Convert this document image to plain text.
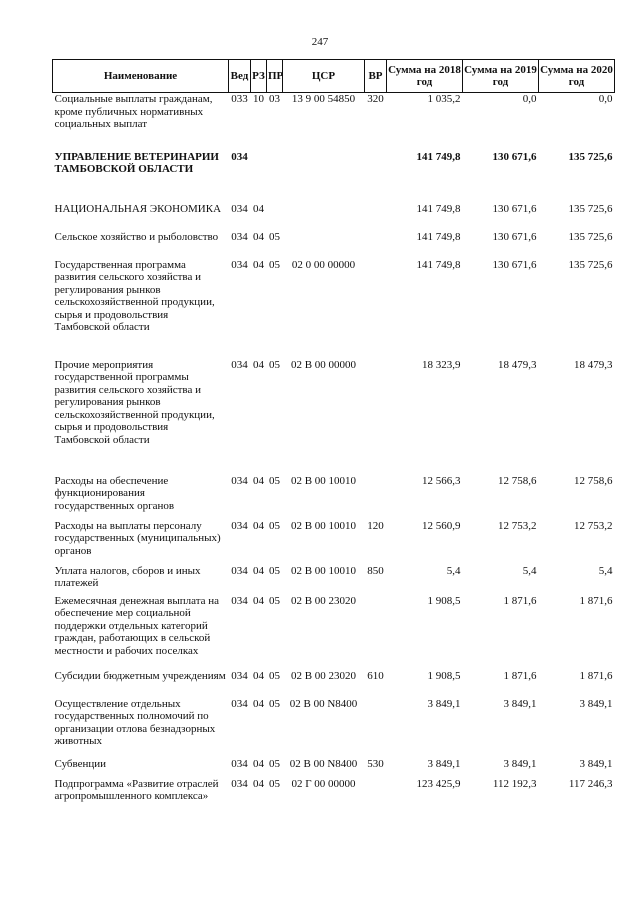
247
Наименование	Вед	РЗ	ПР	ЦСР	ВР	Сумма на 2018 год	Сумма на 2019 год	Сумма на 2020 год
Социальные выплаты гражданам, кроме публичных нормативных социальных выплат	033	10	03	13 9 00 54850	320	1 035,2	0,0	0,0
УПРАВЛЕНИЕ ВЕТЕРИНАРИИ ТАМБОВСКОЙ ОБЛАСТИ	034					141 749,8	130 671,6	135 725,6
НАЦИОНАЛЬНАЯ ЭКОНОМИКА	034	04				141 749,8	130 671,6	135 725,6
Сельское хозяйство и рыболовство	034	04	05			141 749,8	130 671,6	135 725,6
Государственная программа развития сельского хозяйства и регулирования рынков сельскохозяйственной продукции, сырья и продовольствия Тамбовской области	034	04	05	02 0 00 00000		141 749,8	130 671,6	135 725,6
Прочие мероприятия государственной программы развития сельского хозяйства и регулирования рынков сельскохозяйственной продукции, сырья и продовольствия Тамбовской области	034	04	05	02 В 00 00000		18 323,9	18 479,3	18 479,3
Расходы на обеспечение функционирования государственных органов	034	04	05	02 В 00 10010		12 566,3	12 758,6	12 758,6
Расходы на выплаты персоналу государственных (муниципальных) органов	034	04	05	02 В 00 10010	120	12 560,9	12 753,2	12 753,2
Уплата налогов, сборов и иных платежей	034	04	05	02 В 00 10010	850	5,4	5,4	5,4
Ежемесячная денежная выплата на обеспечение мер социальной поддержки отдельных категорий граждан, работающих в сельской местности и рабочих поселках	034	04	05	02 В 00 23020		1 908,5	1 871,6	1 871,6
Субсидии бюджетным учреждениям	034	04	05	02 В 00 23020	610	1 908,5	1 871,6	1 871,6
Осуществление отдельных государственных полномочий по организации отлова безнадзорных животных	034	04	05	02 В 00 N8400		3 849,1	3 849,1	3 849,1
Субвенции	034	04	05	02 В 00 N8400	530	3 849,1	3 849,1	3 849,1
Подпрограмма «Развитие отраслей агропромышленного комплекса»	034	04	05	02 Г 00 00000		123 425,9	112 192,3	117 246,3
